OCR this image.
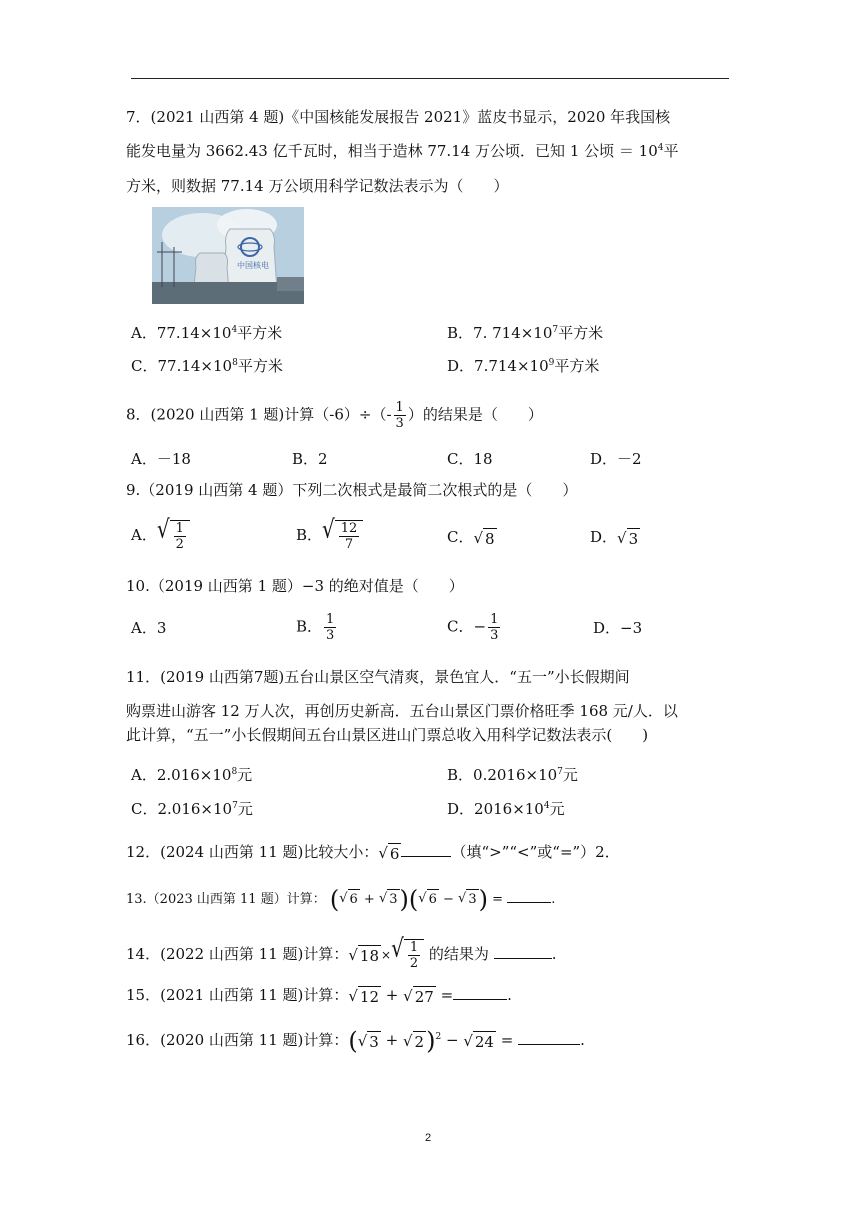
7．(2021 山西第 4 题)《中国核能发展报告 2021》蓝皮书显示，2020 年我国核
能发电量为 3662.43 亿千瓦时，相当于造林 77.14 万公顷．已知 1 公顷 ＝ $10^4$平
方米，则数据 77.14 万公顷用科学记数法表示为（　　）
中国核电
A．$77.14\times 10^4$平方米	B．7. $714\times 10^7$平方米
C．$77.14\times 10^8$平方米	D．$7.714\times 10^9$平方米
8．(2020 山西第 1 题)计算$(-6)\div(- \frac{1}{3}$ ）的结果是（　　）
A．－18	B．2	C．18	D．－2
9.（2019 山西第 4 题）下列二次根式是最简二次根式的是（　　）
A． √ $\frac{1}{2}$	B． √ $\frac{12}{7}$	C． √ 8	D． √ 3
10.（2019 山西第 1 题）−3 的绝对值是（　　）
A．3	B． $\frac{1}{3}$	C．− $\frac{1}{3}$	D．−3
11．(2019 山西第7题)五台山景区空气清爽，景色宜人．“五一”小长假期间
购票进山游客 12 万人次，再创历史新高．五台山景区门票价格旺季 168 元/人．以
此计算，“五一”小长假期间五台山景区进山门票总收入用科学记数法表示(　　)
A．$2.016\times 10^8$元	B．$0.2016\times 10^7$元
C．$2.016\times 10^7$元	D．$2016\times 10^4$元
12．(2024 山西第 11 题)比较大小： √ 6	（填“>”“<”或“=”）2．
13.（2023 山西第 11 题）计算： ( √ 6 + √ 3 )( √ 6 − √ 3 ) =	.
14．(2022 山西第 11 题)计算： √ 18 × √ $\frac{1}{2}$ 的结果为	.
15．(2021 山西第 11 题)计算： √ 12 + √ 27 =	.
16．(2020 山西第 11 题)计算：( √ 3 + √ 2 )$^2$ − √ 24 =	.
2
